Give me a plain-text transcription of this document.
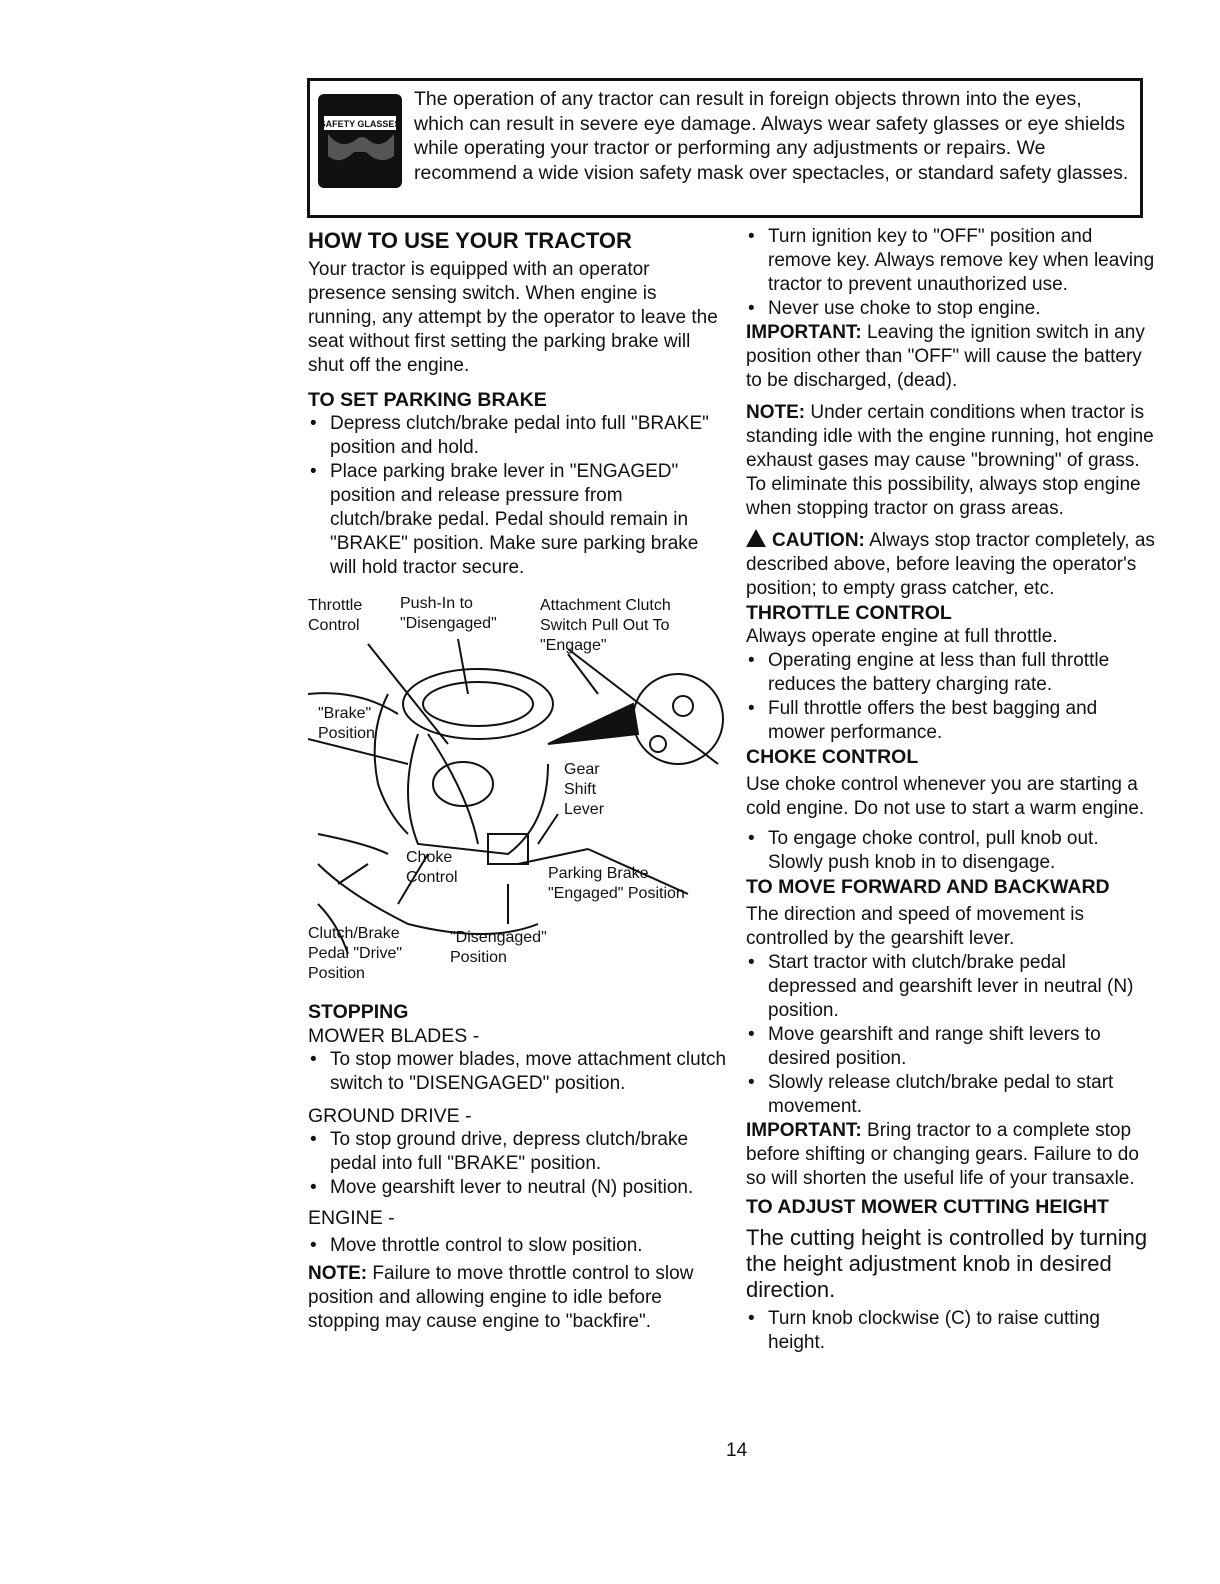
SAFETY GLASSES
The operation of any tractor can result in foreign objects thrown into the eyes, which can result in severe eye damage. Always wear safety glasses or eye shields while operating your tractor or performing any adjustments or repairs. We recommend a wide vision safety mask over spectacles, or standard safety glasses.

HOW TO USE YOUR TRACTOR

Your tractor is equipped with an operator presence sensing switch. When engine is running, any attempt by the operator to leave the seat without first setting the parking brake will shut off the engine.

TO SET PARKING BRAKE

• Depress clutch/brake pedal into full "BRAKE" position and hold.

• Place parking brake lever in "ENGAGED" position and release pressure from clutch/brake pedal. Pedal should remain in "BRAKE" position. Make sure parking brake will hold tractor secure.

Throttle
Control
Push-In to
"Disengaged"
Attachment Clutch
Switch Pull Out To
"Engage"
"Brake"
Position
Gear
Shift
Lever
Choke
Control	Parking Brake
"Engaged" Position
Clutch/Brake
Pedal "Drive"
Position
"Disengaged"
Position

STOPPING

MOWER BLADES -

• To stop mower blades, move attachment clutch switch to "DISENGAGED" position.

GROUND DRIVE -

• To stop ground drive, depress clutch/brake pedal into full "BRAKE" position.

• Move gearshift lever to neutral (N) position.

ENGINE -

• Move throttle control to slow position.

NOTE: Failure to move throttle control to slow position and allowing engine to idle before stopping may cause engine to "backfire".

• Turn ignition key to "OFF" position and remove key. Always remove key when leaving tractor to prevent unauthorized use.

• Never use choke to stop engine.

IMPORTANT: Leaving the ignition switch in any position other than "OFF" will cause the battery to be discharged, (dead).

NOTE: Under certain conditions when tractor is standing idle with the engine running, hot engine exhaust gases may cause "browning" of grass. To eliminate this possibility, always stop engine when stopping tractor on grass areas.

CAUTION: Always stop tractor completely, as described above, before leaving the operator's position; to empty grass catcher, etc.

THROTTLE CONTROL

Always operate engine at full throttle.

• Operating engine at less than full throttle reduces the battery charging rate.

• Full throttle offers the best bagging and mower performance.

CHOKE CONTROL

Use choke control whenever you are starting a cold engine. Do not use to start a warm engine.

• To engage choke control, pull knob out. Slowly push knob in to disengage.

TO MOVE FORWARD AND BACKWARD

The direction and speed of movement is controlled by the gearshift lever.

• Start tractor with clutch/brake pedal depressed and gearshift lever in neutral (N) position.

• Move gearshift and range shift levers to desired position.

• Slowly release clutch/brake pedal to start movement.

IMPORTANT: Bring tractor to a complete stop before shifting or changing gears. Failure to do so will shorten the useful life of your transaxle.

TO ADJUST MOWER CUTTING HEIGHT

The cutting height is controlled by turning the height adjustment knob in desired direction.

• Turn knob clockwise (C) to raise cutting height.

14
